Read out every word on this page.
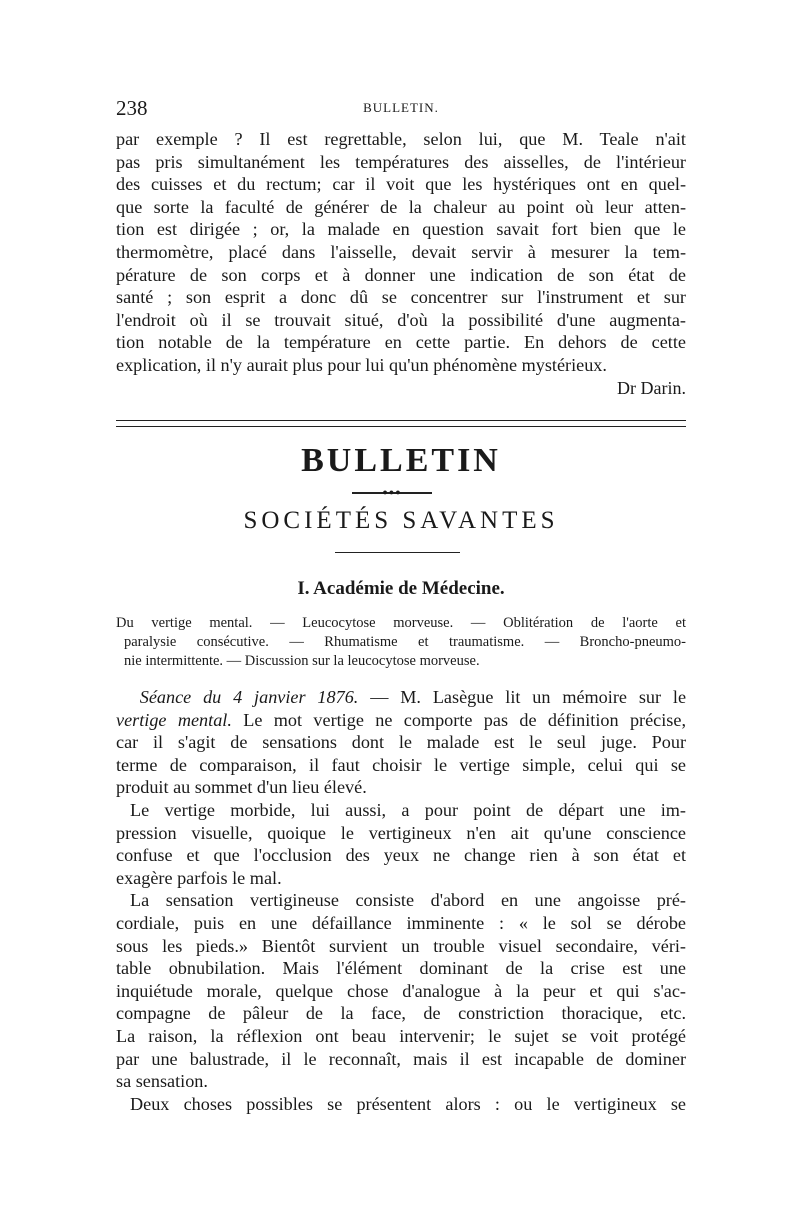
238	BULLETIN.
par exemple ? Il est regrettable, selon lui, que M. Teale n'ait
pas pris simultanément les températures des aisselles, de l'intérieur
des cuisses et du rectum; car il voit que les hystériques ont en quel-
que sorte la faculté de générer de la chaleur au point où leur atten-
tion est dirigée ; or, la malade en question savait fort bien que le
thermomètre, placé dans l'aisselle, devait servir à mesurer la tem-
pérature de son corps et à donner une indication de son état de
santé ; son esprit a donc dû se concentrer sur l'instrument et sur
l'endroit où il se trouvait situé, d'où la possibilité d'une augmenta-
tion notable de la température en cette partie. En dehors de cette
explication, il n'y aurait plus pour lui qu'un phénomène mystérieux.
Dr Darin.
BULLETIN
●●●
SOCIÉTÉS SAVANTES
I. Académie de Médecine.
Du vertige mental. — Leucocytose morveuse. — Oblitération de l'aorte et
paralysie consécutive. — Rhumatisme et traumatisme. — Broncho-pneumo-
nie intermittente. — Discussion sur la leucocytose morveuse.
Séance du 4 janvier 1876. — M. Lasègue lit un mémoire sur le
vertige mental. Le mot vertige ne comporte pas de définition précise,
car il s'agit de sensations dont le malade est le seul juge. Pour
terme de comparaison, il faut choisir le vertige simple, celui qui se
produit au sommet d'un lieu élevé.
Le vertige morbide, lui aussi, a pour point de départ une im-
pression visuelle, quoique le vertigineux n'en ait qu'une conscience
confuse et que l'occlusion des yeux ne change rien à son état et
exagère parfois le mal.
La sensation vertigineuse consiste d'abord en une angoisse pré-
cordiale, puis en une défaillance imminente : « le sol se dérobe
sous les pieds.» Bientôt survient un trouble visuel secondaire, véri-
table obnubilation. Mais l'élément dominant de la crise est une
inquiétude morale, quelque chose d'analogue à la peur et qui s'ac-
compagne de pâleur de la face, de constriction thoracique, etc.
La raison, la réflexion ont beau intervenir; le sujet se voit protégé
par une balustrade, il le reconnaît, mais il est incapable de dominer
sa sensation.
Deux choses possibles se présentent alors : ou le vertigineux se
